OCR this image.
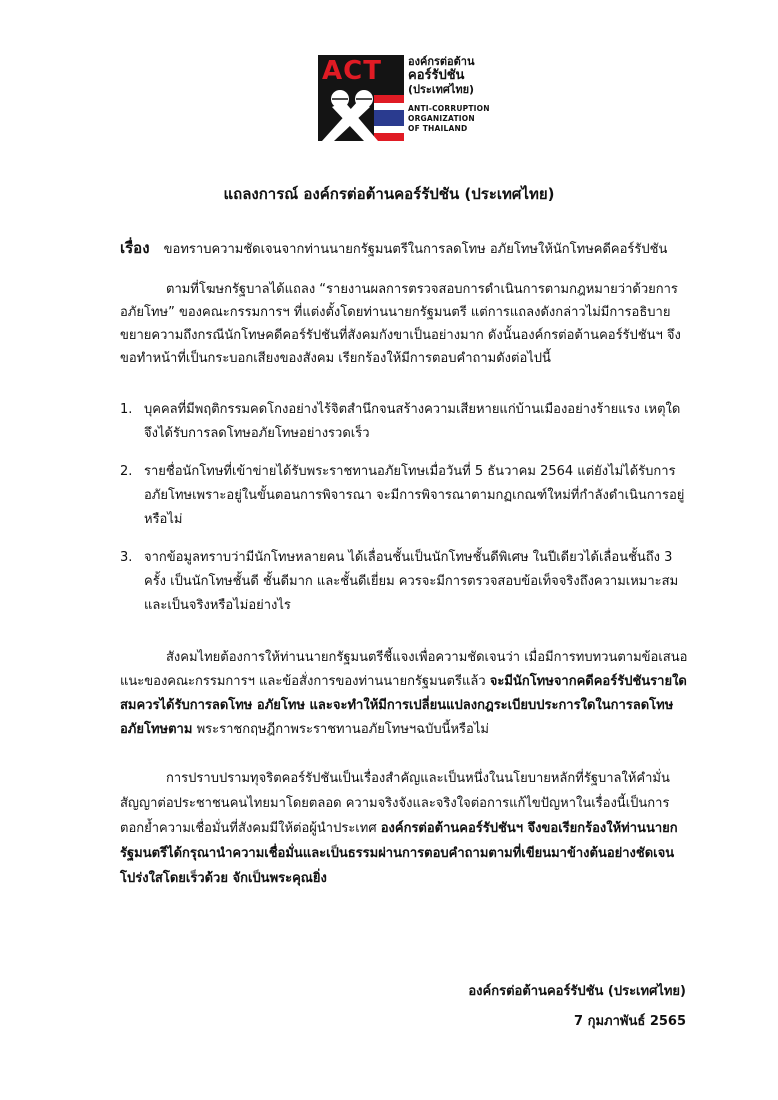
ACT องค์กรต่อต้าน
คอร์รัปชัน
(ประเทศไทย)
ANTI-CORRUPTION
ORGANIZATION
OF THAILAND
แถลงการณ์ องค์กรต่อต้านคอร์รัปชัน (ประเทศไทย)
เรื่อง ขอทราบความชัดเจนจากท่านนายกรัฐมนตรีในการลดโทษ อภัยโทษให้นักโทษคดีคอร์รัปชัน

ตามที่โฆษกรัฐบาลได้แถลง “รายงานผลการตรวจสอบการดำเนินการตามกฎหมายว่าด้วยการอภัยโทษ” ของคณะกรรมการฯ ที่แต่งตั้งโดยท่านนายกรัฐมนตรี แต่การแถลงดังกล่าวไม่มีการอธิบายขยายความถึงกรณีนักโทษคดีคอร์รัปชันที่สังคมกังขาเป็นอย่างมาก ดังนั้นองค์กรต่อต้านคอร์รัปชันฯ จึงขอทำหน้าที่เป็นกระบอกเสียงของสังคม เรียกร้องให้มีการตอบคำถามดังต่อไปนี้

1. บุคคลที่มีพฤติกรรมคดโกงอย่างไร้จิตสำนึกจนสร้างความเสียหายแก่บ้านเมืองอย่างร้ายแรง เหตุใดจึงได้รับการลดโทษอภัยโทษอย่างรวดเร็ว
2. รายชื่อนักโทษที่เข้าข่ายได้รับพระราชทานอภัยโทษเมื่อวันที่ 5 ธันวาคม 2564 แต่ยังไม่ได้รับการอภัยโทษเพราะอยู่ในขั้นตอนการพิจารณา จะมีการพิจารณาตามกฏเกณฑ์ใหม่ที่กำลังดำเนินการอยู่หรือไม่
3. จากข้อมูลทราบว่ามีนักโทษหลายคน ได้เลื่อนชั้นเป็นนักโทษชั้นดีพิเศษ ในปีเดียวได้เลื่อนชั้นถึง 3 ครั้ง เป็นนักโทษชั้นดี ชั้นดีมาก และชั้นดีเยี่ยม ควรจะมีการตรวจสอบข้อเท็จจริงถึงความเหมาะสมและเป็นจริงหรือไม่อย่างไร

สังคมไทยต้องการให้ท่านนายกรัฐมนตรีชี้แจงเพื่อความชัดเจนว่า เมื่อมีการทบทวนตามข้อเสนอแนะของคณะกรรมการฯ และข้อสั่งการของท่านนายกรัฐมนตรีแล้ว จะมีนักโทษจากคดีคอร์รัปชันรายใดสมควรได้รับการลดโทษ อภัยโทษ และจะทำให้มีการเปลี่ยนแปลงกฎระเบียบประการใดในการลดโทษอภัยโทษตาม พระราชกฤษฎีกาพระราชทานอภัยโทษฯฉบับนี้หรือไม่

การปราบปรามทุจริตคอร์รัปชันเป็นเรื่องสำคัญและเป็นหนึ่งในนโยบายหลักที่รัฐบาลให้คำมั่นสัญญาต่อประชาชนคนไทยมาโดยตลอด ความจริงจังและจริงใจต่อการแก้ไขปัญหาในเรื่องนี้เป็นการตอกย้ำความเชื่อมั่นที่สังคมมีให้ต่อผู้นำประเทศ องค์กรต่อต้านคอร์รัปชันฯ จึงขอเรียกร้องให้ท่านนายกรัฐมนตรีได้กรุณานำความเชื่อมั่นและเป็นธรรมผ่านการตอบคำถามตามที่เขียนมาข้างต้นอย่างชัดเจนโปร่งใสโดยเร็วด้วย จักเป็นพระคุณยิ่ง

องค์กรต่อต้านคอร์รัปชัน (ประเทศไทย)
7 กุมภาพันธ์ 2565
